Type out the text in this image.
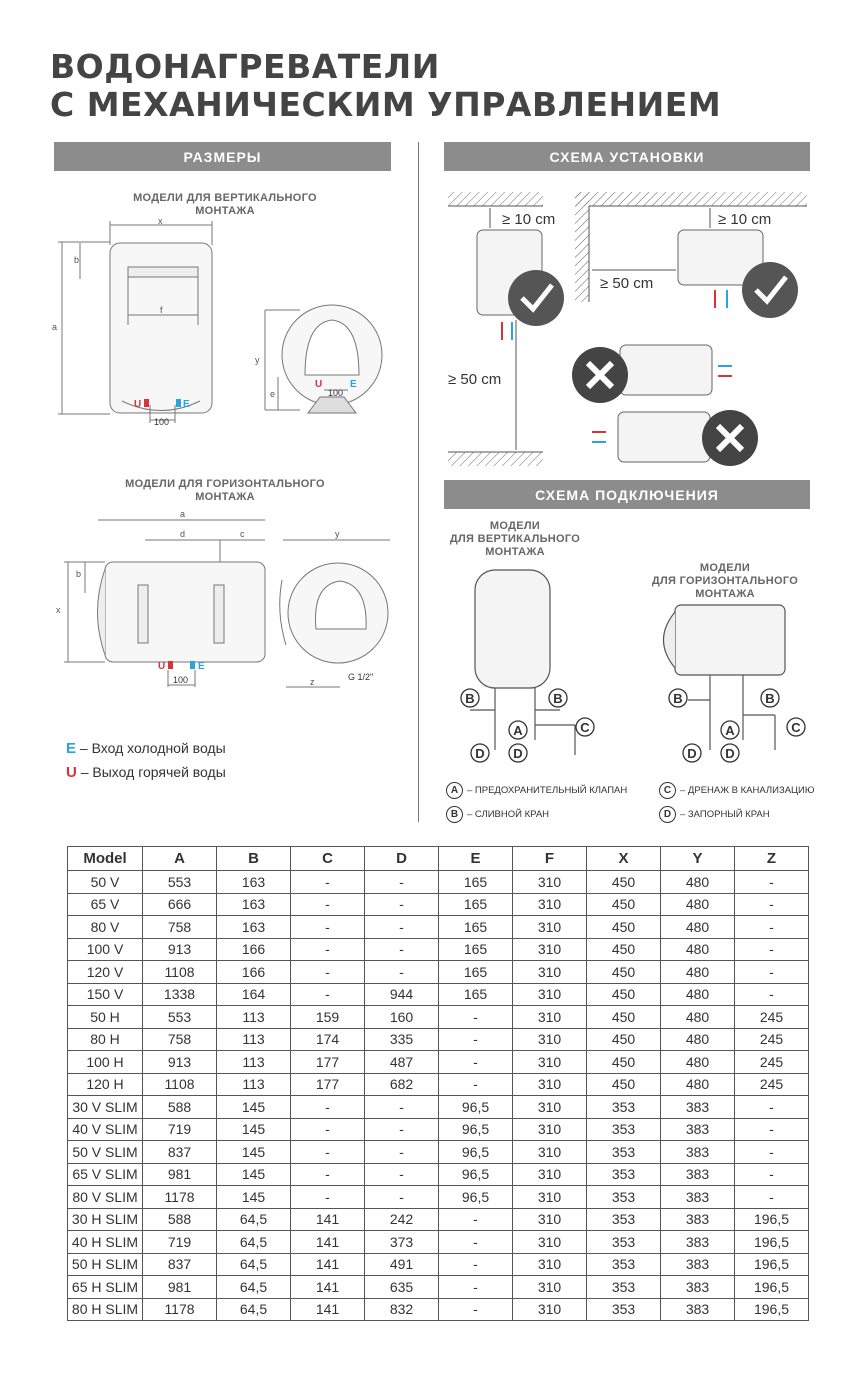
ВОДОНАГРЕВАТЕЛИ
С МЕХАНИЧЕСКИМ УПРАВЛЕНИЕМ
РАЗМЕРЫ	СХЕМА УСТАНОВКИ
СХЕМА ПОДКЛЮЧЕНИЯ
МОДЕЛИ ДЛЯ ВЕРТИКАЛЬНОГО
МОНТАЖА
МОДЕЛИ ДЛЯ ГОРИЗОНТАЛЬНОГО
МОНТАЖА
x
b
a
f
y
e
U	E
100
U	E
100
a
d	c
b
x
y
z
U	E
100	G 1/2"
≥ 10 cm	≥ 10 cm
≥ 50 cm
≥ 50 cm
МОДЕЛИ
ДЛЯ ВЕРТИКАЛЬНОГО
МОНТАЖА
МОДЕЛИ
ДЛЯ ГОРИЗОНТАЛЬНОГО
МОНТАЖА
B	B
A	C
D D
B	B
A	C
D D
A – ПРЕДОХРАНИТЕЛЬНЫЙ КЛАПАН
B – СЛИВНОЙ КРАН
C – ДРЕНАЖ В КАНАЛИЗАЦИЮ
D – ЗАПОРНЫЙ КРАН
E – Вход холодной воды
U – Выход горячей воды
Model	A	B	C	D	E	F	X	Y	Z
50 V	553	163	-	-	165	310	450	480	-
65 V	666	163	-	-	165	310	450	480	-
80 V	758	163	-	-	165	310	450	480	-
100 V	913	166	-	-	165	310	450	480	-
120 V	1108	166	-	-	165	310	450	480	-
150 V	1338	164	-	944	165	310	450	480	-
50 H	553	113	159	160	-	310	450	480	245
80 H	758	113	174	335	-	310	450	480	245
100 H	913	113	177	487	-	310	450	480	245
120 H	1108	113	177	682	-	310	450	480	245
30 V SLIM	588	145	-	-	96,5	310	353	383	-
40 V SLIM	719	145	-	-	96,5	310	353	383	-
50 V SLIM	837	145	-	-	96,5	310	353	383	-
65 V SLIM	981	145	-	-	96,5	310	353	383	-
80 V SLIM	1178	145	-	-	96,5	310	353	383	-
30 H SLIM	588	64,5	141	242	-	310	353	383	196,5
40 H SLIM	719	64,5	141	373	-	310	353	383	196,5
50 H SLIM	837	64,5	141	491	-	310	353	383	196,5
65 H SLIM	981	64,5	141	635	-	310	353	383	196,5
80 H SLIM	1178	64,5	141	832	-	310	353	383	196,5
